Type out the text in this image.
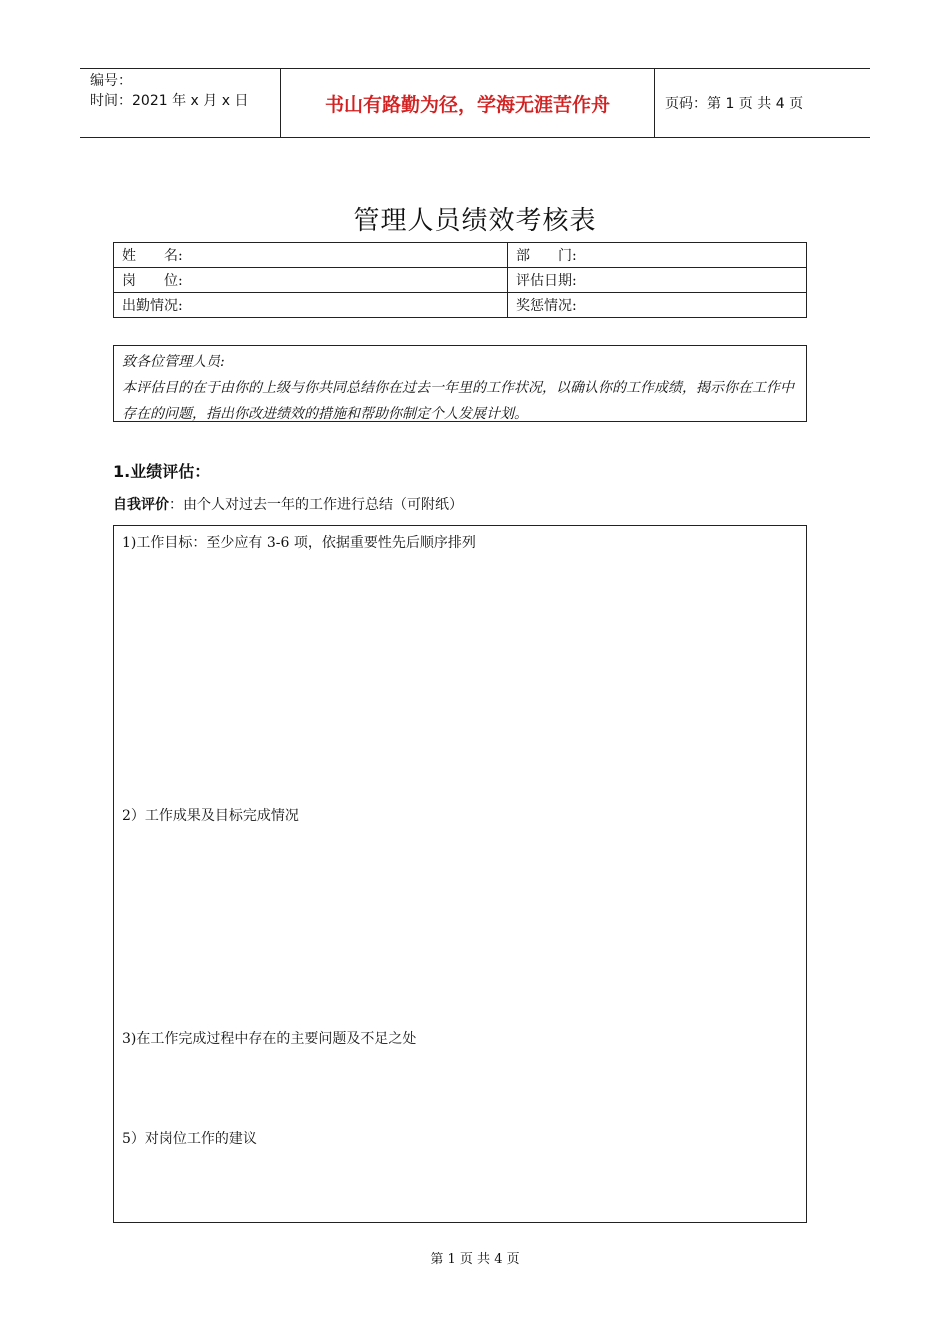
编号：
时间：2021 年 x 月 x 日	书山有路勤为径，学海无涯苦作舟	页码：第 1 页 共 4 页
管理人员绩效考核表
姓　　名:	部　　门:
岗　　位:	评估日期:
出勤情况:	奖惩情况:
致各位管理人员:
本评估目的在于由你的上级与你共同总结你在过去一年里的工作状况，以确认你的工作成绩，揭示你在工作中存在的问题，指出你改进绩效的措施和帮助你制定个人发展计划。
1.业绩评估：
自我评价：由个人对过去一年的工作进行总结（可附纸）
1)工作目标：至少应有 3-6 项，依据重要性先后顺序排列
2）工作成果及目标完成情况
3)在工作完成过程中存在的主要问题及不足之处
5）对岗位工作的建议
第 1 页 共 4 页
